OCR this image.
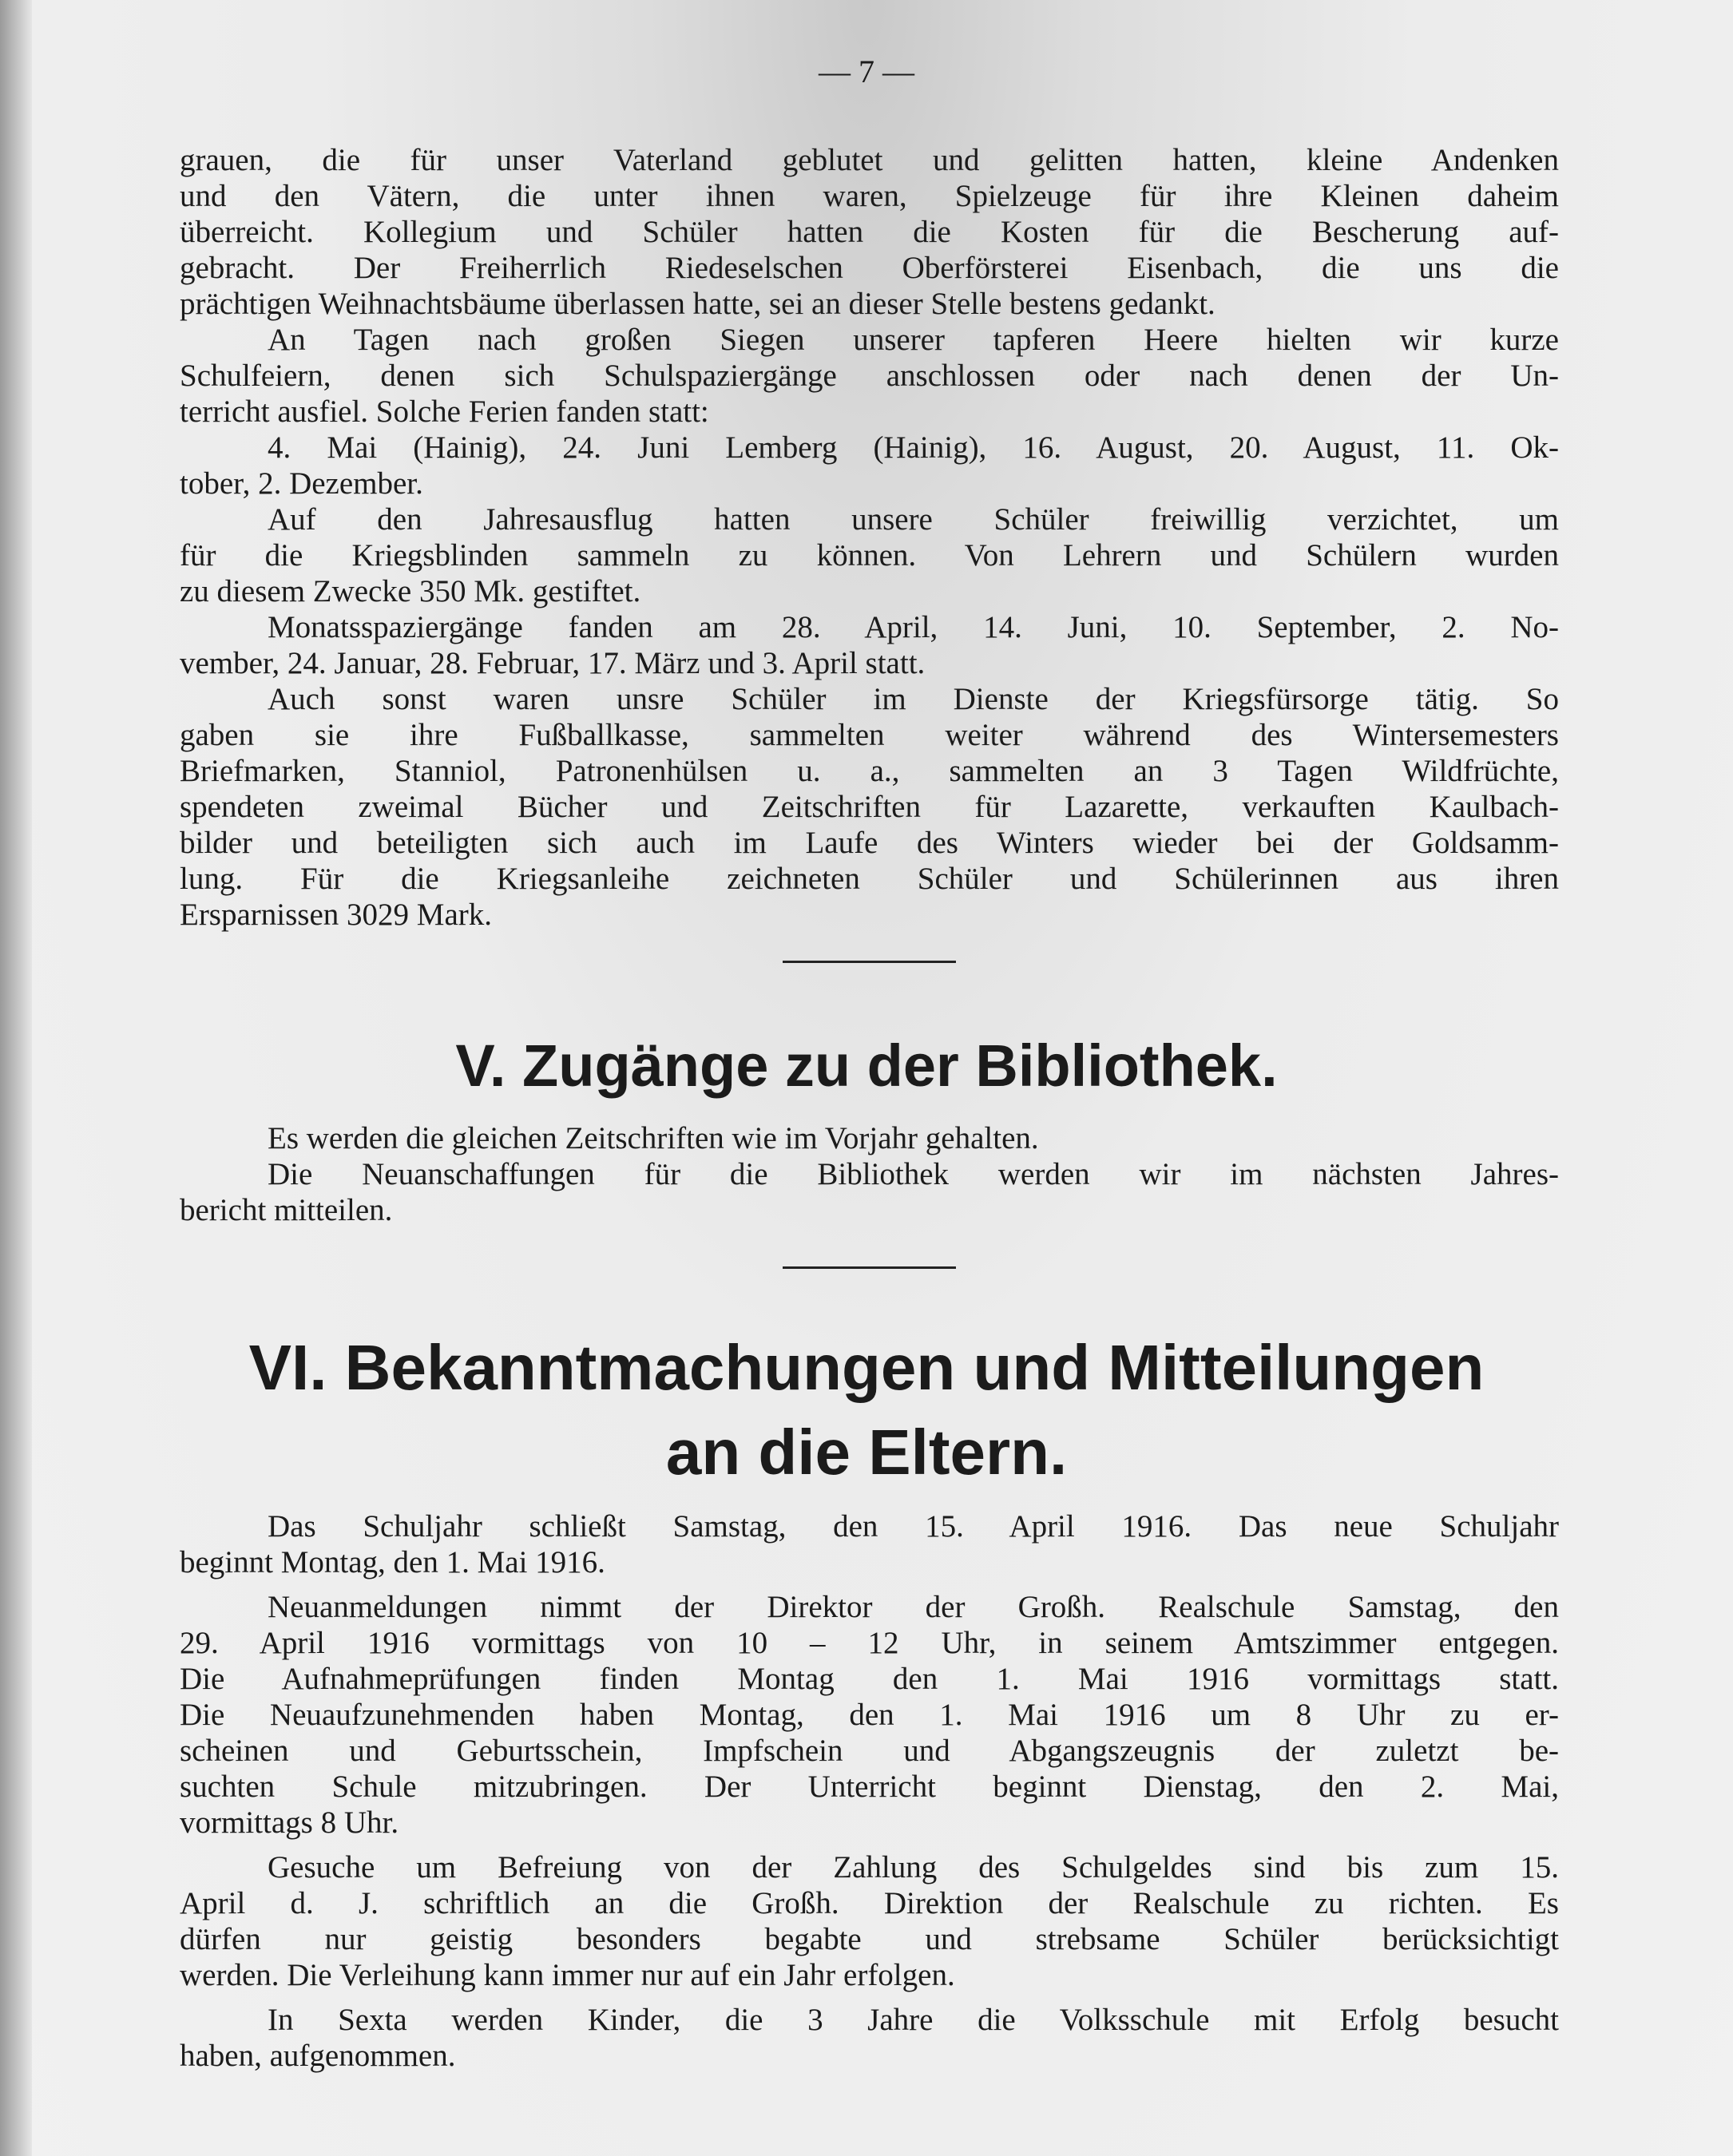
— 7 —
grauen, die für unser Vaterland geblutet und gelitten hatten, kleine Andenken
und den Vätern, die unter ihnen waren, Spielzeuge für ihre Kleinen daheim
überreicht. Kollegium und Schüler hatten die Kosten für die Bescherung auf-
gebracht. Der Freiherrlich Riedeselschen Oberförsterei Eisenbach, die uns die
prächtigen Weihnachtsbäume überlassen hatte, sei an dieser Stelle bestens gedankt.
An Tagen nach großen Siegen unserer tapferen Heere hielten wir kurze
Schulfeiern, denen sich Schulspaziergänge anschlossen oder nach denen der Un-
terricht ausfiel. Solche Ferien fanden statt:
4. Mai (Hainig), 24. Juni Lemberg (Hainig), 16. August, 20. August, 11. Ok-
tober, 2. Dezember.
Auf den Jahresausflug hatten unsere Schüler freiwillig verzichtet, um
für die Kriegsblinden sammeln zu können. Von Lehrern und Schülern wurden
zu diesem Zwecke 350 Mk. gestiftet.
Monatsspaziergänge fanden am 28. April, 14. Juni, 10. September, 2. No-
vember, 24. Januar, 28. Februar, 17. März und 3. April statt.
Auch sonst waren unsre Schüler im Dienste der Kriegsfürsorge tätig. So
gaben sie ihre Fußballkasse, sammelten weiter während des Wintersemesters
Briefmarken, Stanniol, Patronenhülsen u. a., sammelten an 3 Tagen Wildfrüchte,
spendeten zweimal Bücher und Zeitschriften für Lazarette, verkauften Kaulbach-
bilder und beteiligten sich auch im Laufe des Winters wieder bei der Goldsamm-
lung. Für die Kriegsanleihe zeichneten Schüler und Schülerinnen aus ihren
Ersparnissen 3029 Mark.
V. Zugänge zu der Bibliothek.
Es werden die gleichen Zeitschriften wie im Vorjahr gehalten.
Die Neuanschaffungen für die Bibliothek werden wir im nächsten Jahres-
bericht mitteilen.
VI. Bekanntmachungen und Mitteilungen
an die Eltern.
Das Schuljahr schließt Samstag, den 15. April 1916. Das neue Schuljahr
beginnt Montag, den 1. Mai 1916.
Neuanmeldungen nimmt der Direktor der Großh. Realschule Samstag, den
29. April 1916 vormittags von 10 – 12 Uhr, in seinem Amtszimmer entgegen.
Die Aufnahmeprüfungen finden Montag den 1. Mai 1916 vormittags statt.
Die Neuaufzunehmenden haben Montag, den 1. Mai 1916 um 8 Uhr zu er-
scheinen und Geburtsschein, Impfschein und Abgangszeugnis der zuletzt be-
suchten Schule mitzubringen. Der Unterricht beginnt Dienstag, den 2. Mai,
vormittags 8 Uhr.
Gesuche um Befreiung von der Zahlung des Schulgeldes sind bis zum 15.
April d. J. schriftlich an die Großh. Direktion der Realschule zu richten. Es
dürfen nur geistig besonders begabte und strebsame Schüler berücksichtigt
werden. Die Verleihung kann immer nur auf ein Jahr erfolgen.
In Sexta werden Kinder, die 3 Jahre die Volksschule mit Erfolg besucht
haben, aufgenommen.
